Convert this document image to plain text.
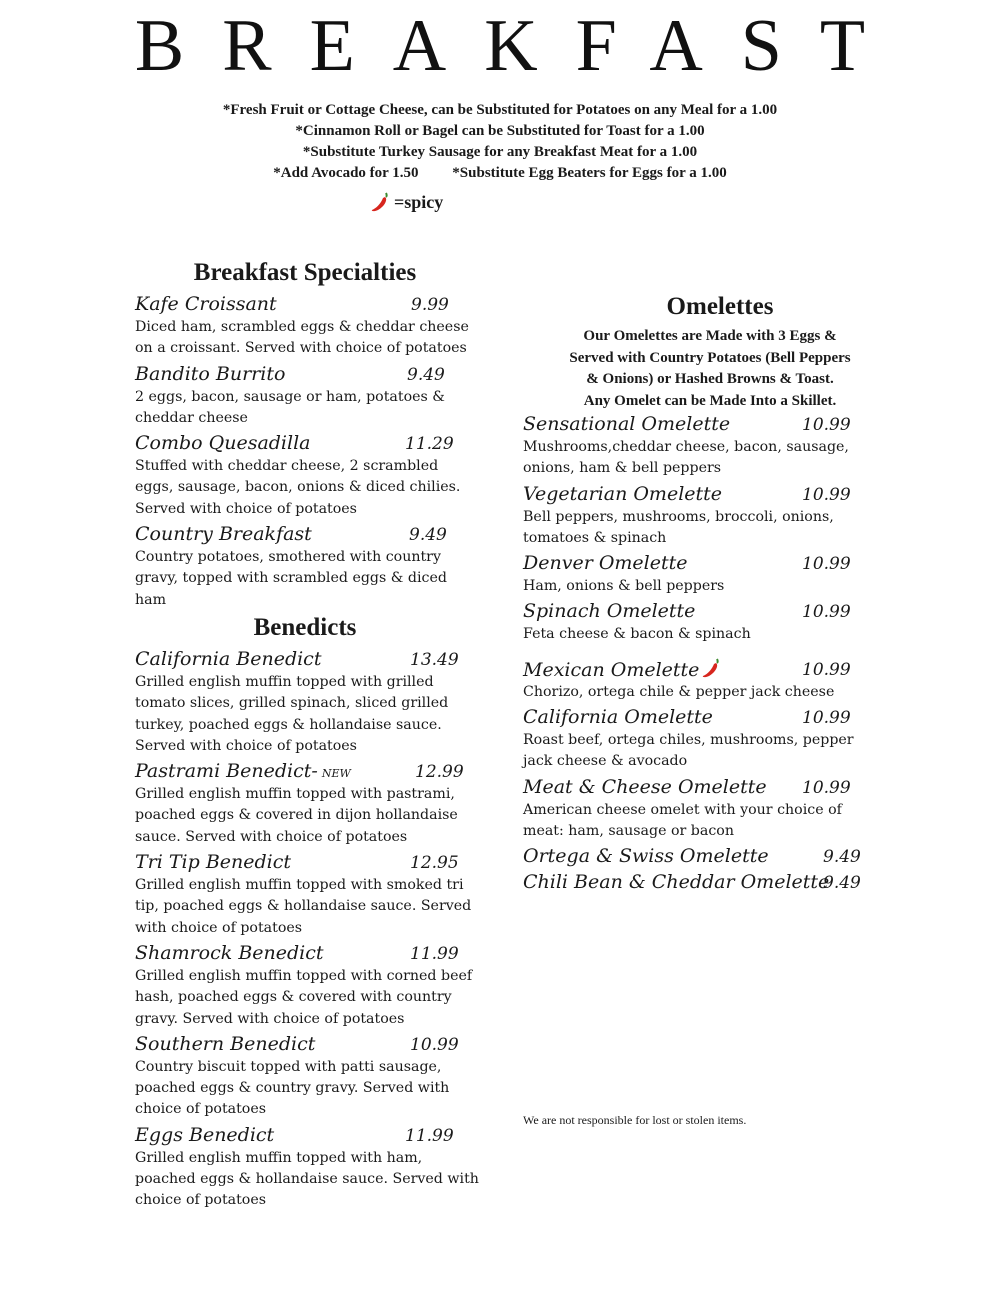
BREAKFAST
*Fresh Fruit or Cottage Cheese, can be Substituted for Potatoes on any Meal for a 1.00
*Cinnamon Roll or Bagel can be Substituted for Toast for a 1.00
*Substitute Turkey Sausage for any Breakfast Meat for a 1.00
*Add Avocado for 1.50         *Substitute Egg Beaters for Eggs for a 1.00
=spicy
Breakfast Specialties
Kafe Croissant	9.99
Diced ham, scrambled eggs & cheddar cheese on a croissant. Served with choice of potatoes
Bandito Burrito	9.49
2 eggs, bacon, sausage or ham, potatoes & cheddar cheese
Combo Quesadilla	11.29
Stuffed with cheddar cheese, 2 scrambled eggs, sausage, bacon, onions & diced chilies. Served with choice of potatoes
Country Breakfast	9.49
Country potatoes, smothered with country gravy, topped with scrambled eggs & diced ham
Benedicts
California Benedict	13.49
Grilled english muffin topped with grilled tomato slices, grilled spinach, sliced grilled turkey, poached eggs & hollandaise sauce. Served with choice of potatoes
Pastrami Benedict- NEW	12.99
Grilled english muffin topped with pastrami, poached eggs & covered in dijon hollandaise sauce. Served with choice of potatoes
Tri Tip Benedict	12.95
Grilled english muffin topped with smoked tri tip, poached eggs & hollandaise sauce. Served with choice of potatoes
Shamrock Benedict	11.99
Grilled english muffin topped with corned beef hash, poached eggs & covered with country gravy. Served with choice of potatoes
Southern Benedict	10.99
Country biscuit topped with patti sausage, poached eggs & country gravy. Served with choice of potatoes
Eggs Benedict	11.99
Grilled english muffin topped with ham, poached eggs & hollandaise sauce. Served with choice of potatoes
Omelettes
Our Omelettes are Made with 3 Eggs &
Served with Country Potatoes (Bell Peppers
& Onions) or Hashed Browns & Toast.
Any Omelet can be Made Into a Skillet.
Sensational Omelette	10.99
Mushrooms,cheddar cheese, bacon, sausage, onions, ham & bell peppers
Vegetarian Omelette	10.99
Bell peppers, mushrooms, broccoli, onions, tomatoes & spinach
Denver Omelette	10.99
Ham, onions & bell peppers
Spinach Omelette	10.99
Feta cheese & bacon & spinach
Mexican Omelette	10.99
Chorizo, ortega chile & pepper jack cheese
California Omelette	10.99
Roast beef, ortega chiles, mushrooms, pepper jack cheese & avocado
Meat & Cheese Omelette 10.99
American cheese omelet with your choice of meat: ham, sausage or bacon
Ortega & Swiss Omelette	9.49
Chili Bean & Cheddar Omelette
9.49
We are not responsible for lost or stolen items.
